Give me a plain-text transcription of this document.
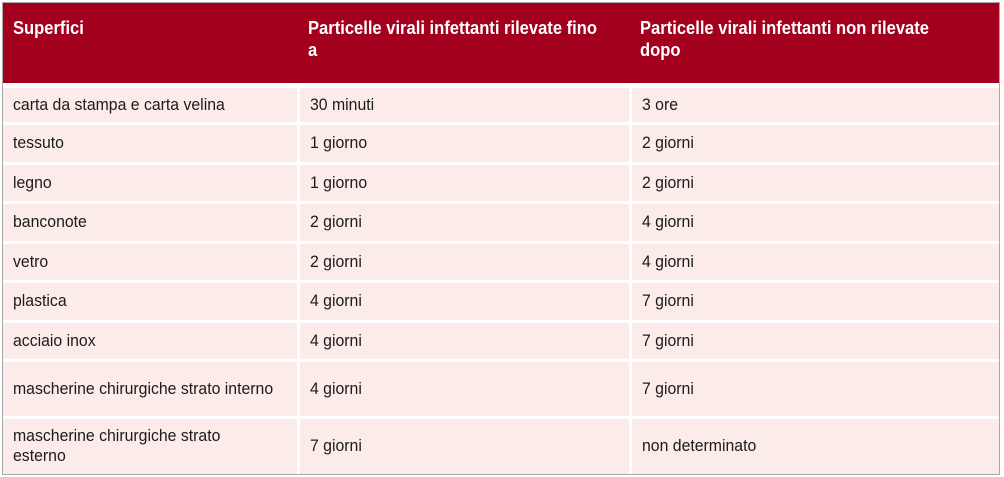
Superfici	Particelle virali infettanti rilevate fino a	Particelle virali infettanti non rilevate dopo
carta da stampa e carta velina	30 minuti	3 ore
tessuto	1 giorno	2 giorni
legno	1 giorno	2 giorni
banconote	2 giorni	4 giorni
vetro	2 giorni	4 giorni
plastica	4 giorni	7 giorni
acciaio inox	4 giorni	7 giorni
mascherine chirurgiche strato interno	4 giorni	7 giorni
mascherine chirurgiche strato esterno	7 giorni	non determinato
